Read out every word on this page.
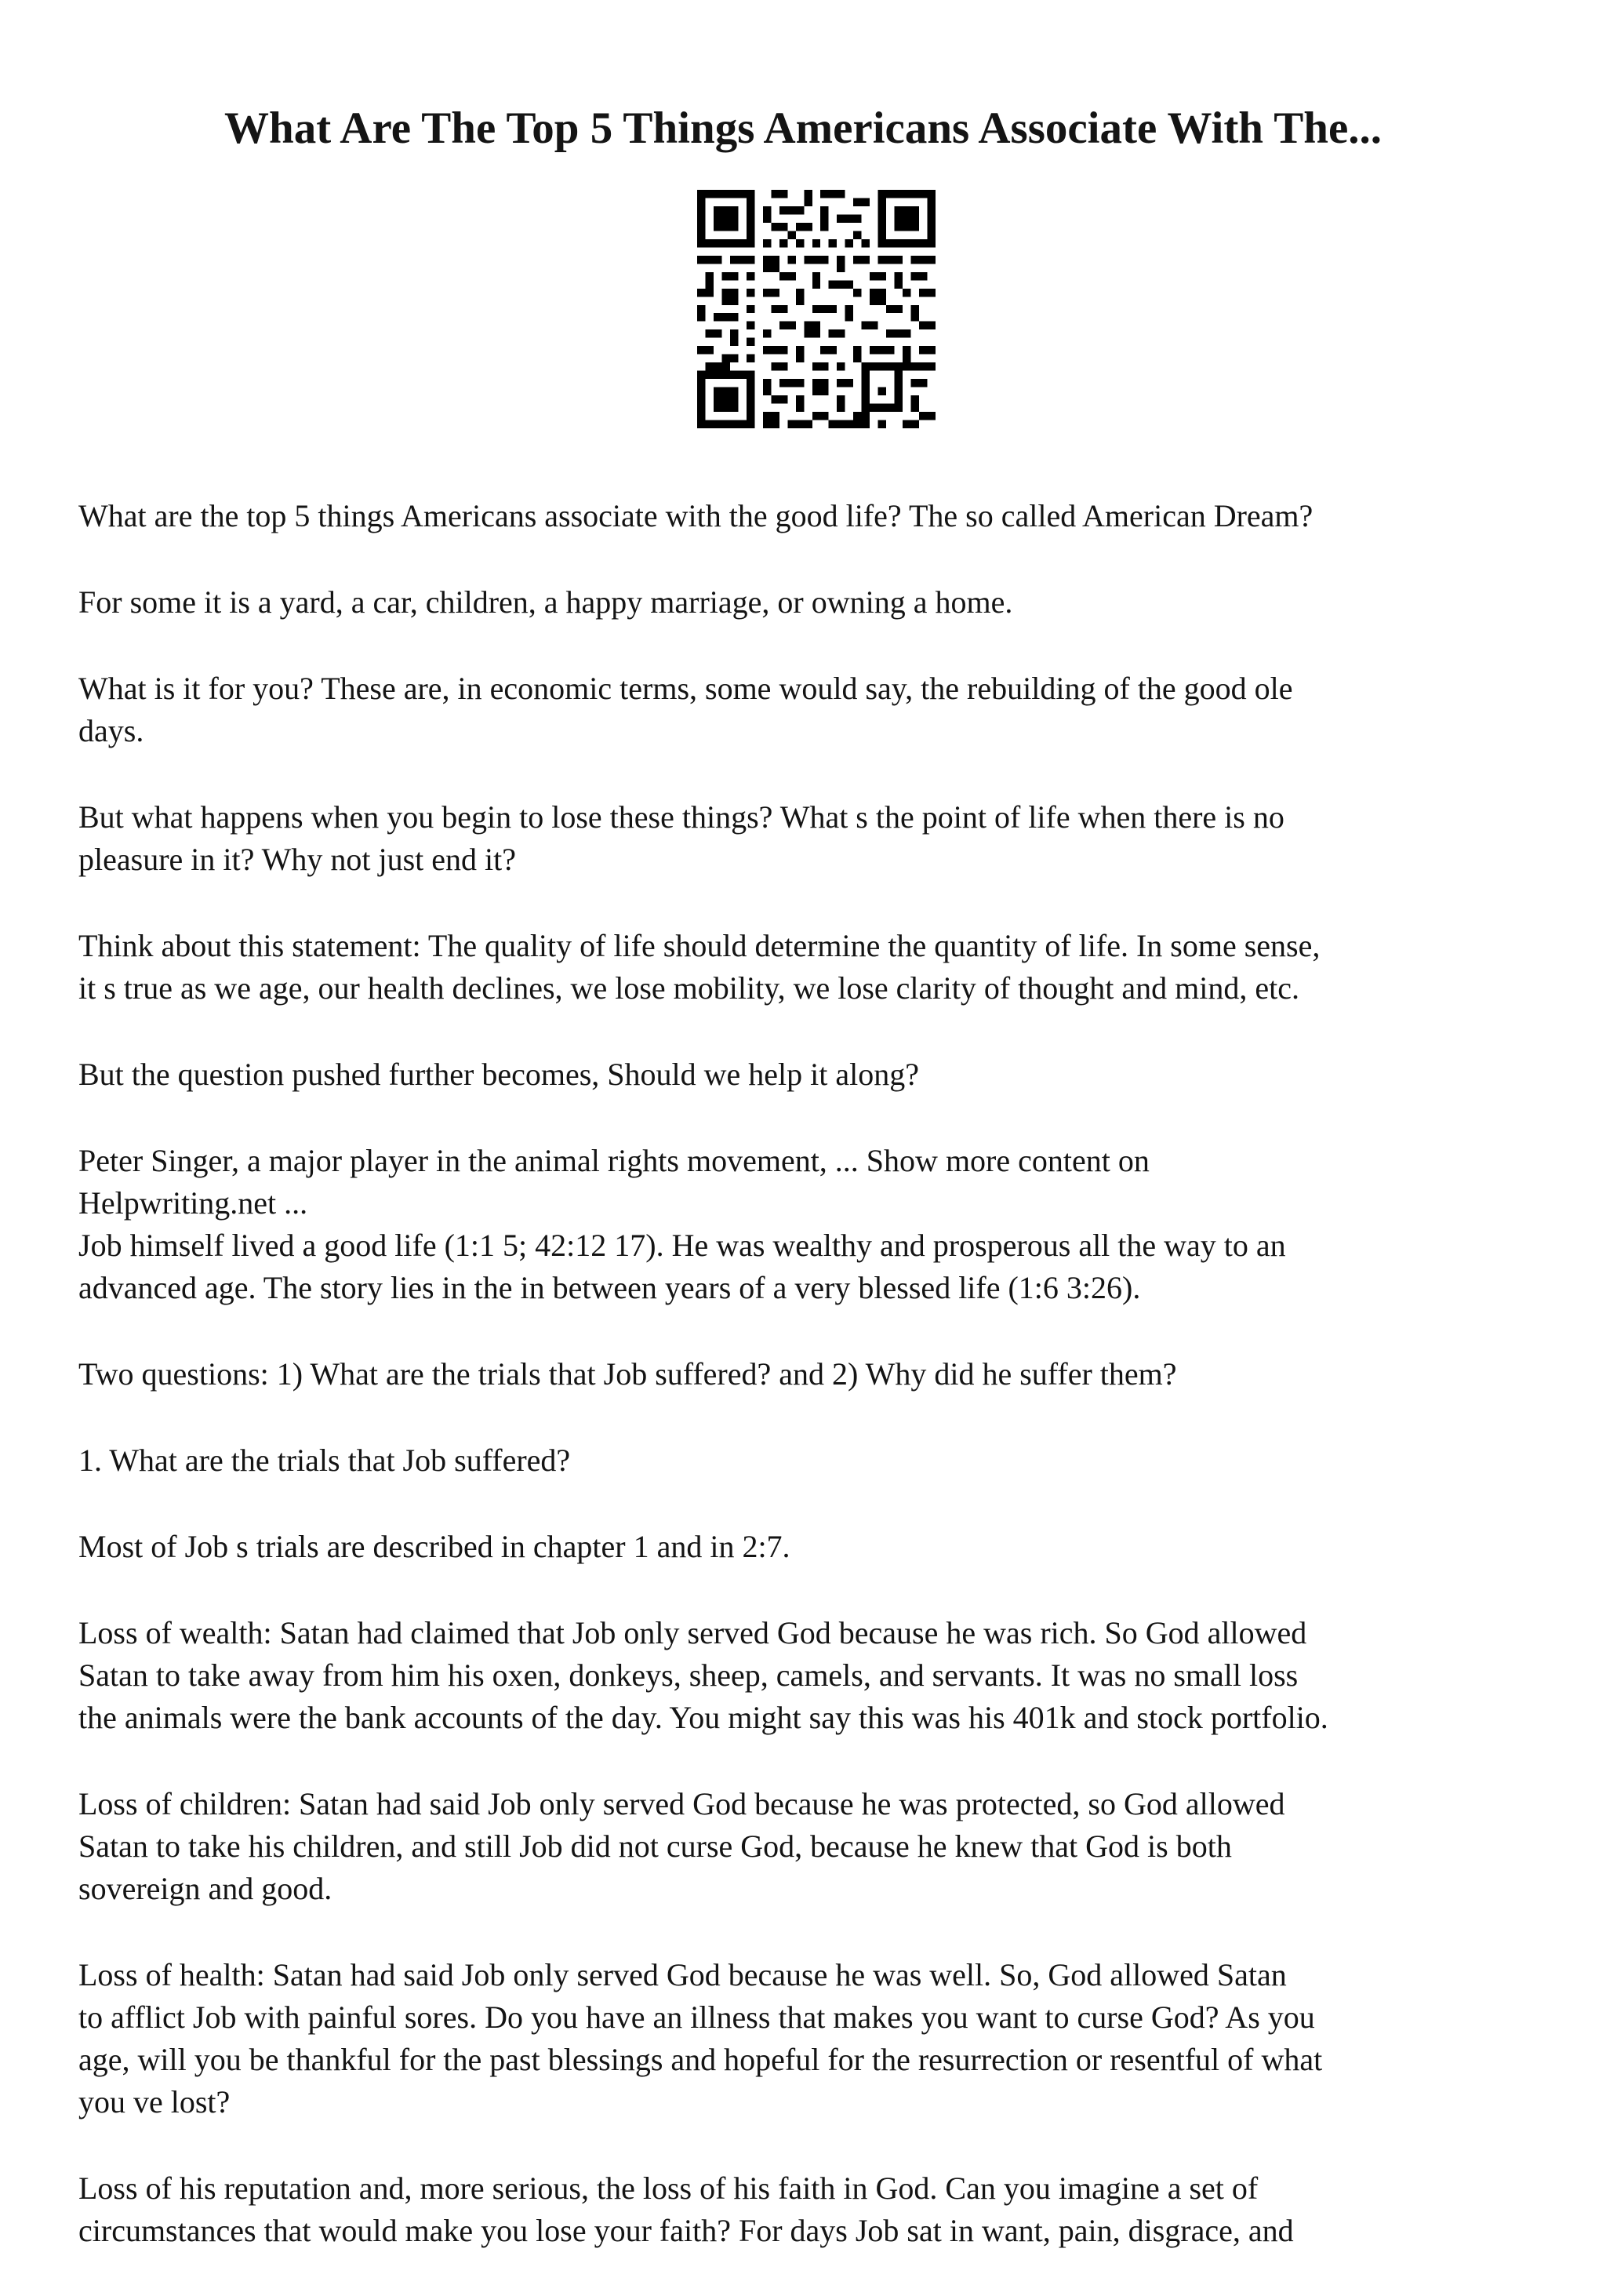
What Are The Top 5 Things Americans Associate With The...

What are the top 5 things Americans associate with the good life? The so called American Dream?

For some it is a yard, a car, children, a happy marriage, or owning a home.

What is it for you? These are, in economic terms, some would say, the rebuilding of the good ole
days.

But what happens when you begin to lose these things? What s the point of life when there is no
pleasure in it? Why not just end it?

Think about this statement: The quality of life should determine the quantity of life. In some sense,
it s true as we age, our health declines, we lose mobility, we lose clarity of thought and mind, etc.

But the question pushed further becomes, Should we help it along?

Peter Singer, a major player in the animal rights movement, ... Show more content on
Helpwriting.net ...

Job himself lived a good life (1:1 5; 42:12 17). He was wealthy and prosperous all the way to an
advanced age. The story lies in the in between years of a very blessed life (1:6 3:26).

Two questions: 1) What are the trials that Job suffered? and 2) Why did he suffer them?

1. What are the trials that Job suffered?

Most of Job s trials are described in chapter 1 and in 2:7.

Loss of wealth: Satan had claimed that Job only served God because he was rich. So God allowed
Satan to take away from him his oxen, donkeys, sheep, camels, and servants. It was no small loss
the animals were the bank accounts of the day. You might say this was his 401k and stock portfolio.

Loss of children: Satan had said Job only served God because he was protected, so God allowed
Satan to take his children, and still Job did not curse God, because he knew that God is both
sovereign and good.

Loss of health: Satan had said Job only served God because he was well. So, God allowed Satan
to afflict Job with painful sores. Do you have an illness that makes you want to curse God? As you
age, will you be thankful for the past blessings and hopeful for the resurrection or resentful of what
you ve lost?

Loss of his reputation and, more serious, the loss of his faith in God. Can you imagine a set of
circumstances that would make you lose your faith? For days Job sat in want, pain, disgrace, and
